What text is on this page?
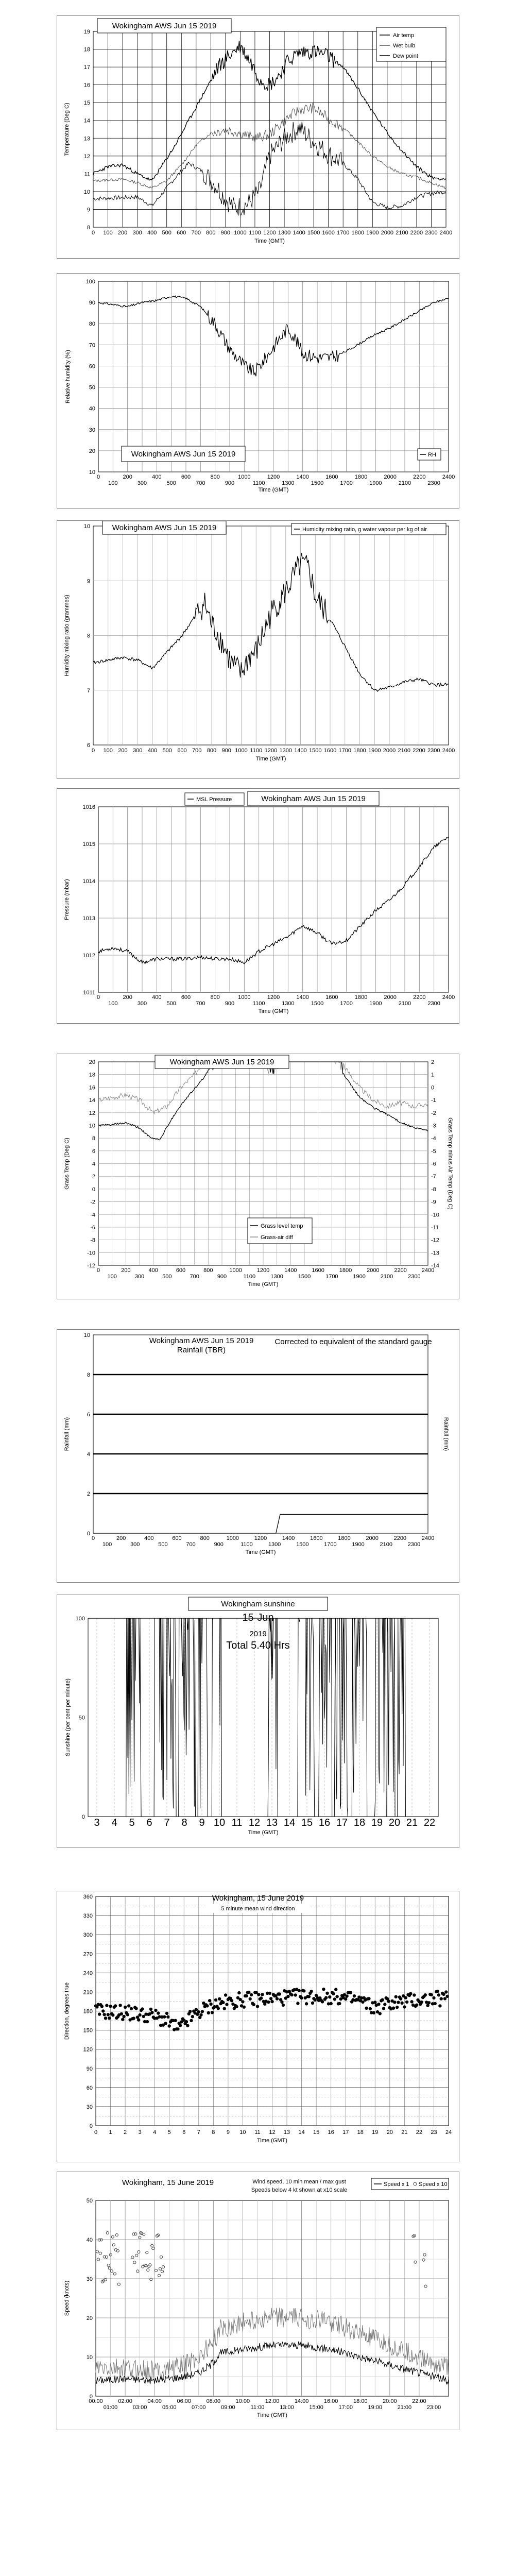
8
9
10
11
12
13
14
15
16
17
18
19
0 100 200 300 400 500 600 700 800 900 1000 1100 1200 1300 1400 1500 1600 1700 1800 1900 2000 2100 2200 2300 2400
Time (GMT)
Temperature (Deg C)
Wokingham AWS Jun 15 2019
Air temp
Wet bulb
Dew point
10
20
30
40
50
60
70
80
90
100
0	200	400	600	800	1000	1200	1400	1600	1800	2000	2200	2400
100	300	500	700	900	1100	1300	1500	1700	1900	2100	2300
Time (GMT)
Relative humidity (%)
Wokingham AWS Jun 15 2019	RH
6
7
8
9
10
0 100 200 300 400 500 600 700 800 900 1000 1100 1200 1300 1400 1500 1600 1700 1800 1900 2000 2100 2200 2300 2400
Time (GMT)
Humidity mixing ratio (grammes)
Wokingham AWS Jun 15 2019	Humidity mixing ratio, g water vapour per kg of air
1011
1012
1013
1014
1015
1016
0	200	400	600	800	1000	1200	1400	1600	1800	2000	2200	2400
100	300	500	700	900	1100	1300	1500	1700	1900	2100	2300
Time (GMT)
Pressure (mbar)
MSL Pressure	Wokingham AWS Jun 15 2019
-12
-10
-8
-6
-4
-2
0
2
4
6
8
10
12
14
16
18
20
-14
-13
-12
-11
-10
-9
-8
-7
-6
-5
-4
-3
-2
-1
0
1
2
0	200	400	600	800	1000	1200	1400	1600	1800	2000	2200	2400
100	300	500	700	900	1100	1300	1500	1700	1900	2100	2300
Time (GMT)
Grass Temp (Deg C)	Grass Temp minus Air Temp (Deg C)
Wokingham AWS Jun 15 2019
Grass level temp
Grass-air diff
0
2
4
6
8
10
0	200	400	600	800	1000	1200	1400	1600	1800	2000	2200	2400
100	300	500	700	900	1100	1300	1500	1700	1900	2100	2300
Time (GMT)
Rainfall (mm)	Rainfall (mm)
Wokingham AWS Jun 15 2019
Rainfall (TBR)
Corrected to equivalent of the standard gauge
0
50
100
3 4 5 6 7 8 9 10 11 12 13 14 15 16 17 18 19 20 21 22
Time (GMT)
Sunshine (per cent per minute)
Wokingham sunshine
15-Jun
2019
Total 5.40 Hrs
0
30
60
90
120
150
180
210
240
270
300
330
360
0 1 2 3 4 5 6 7 8 9 10 11 12 13 14 15 16 17 18 19 20 21 22 23 24
Time (GMT)
Direction, degrees true
Wokingham, 15 June 2019
5 minute mean wind direction
0
10
20
30
40
50
00:00	02:00	04:00	06:00	08:00	10:00	12:00	14:00	16:00	18:00	20:00	22:00
01:00	03:00	05:00	07:00	09:00	11:00	13:00	15:00	17:00	19:00	21:00	23:00
Time (GMT)
Speed (knots)
Wokingham, 15 June 2019	Wind speed, 10 min mean / max gust
Speeds below 4 kt shown at x10 scale
Speed x 1 Speed x 10
